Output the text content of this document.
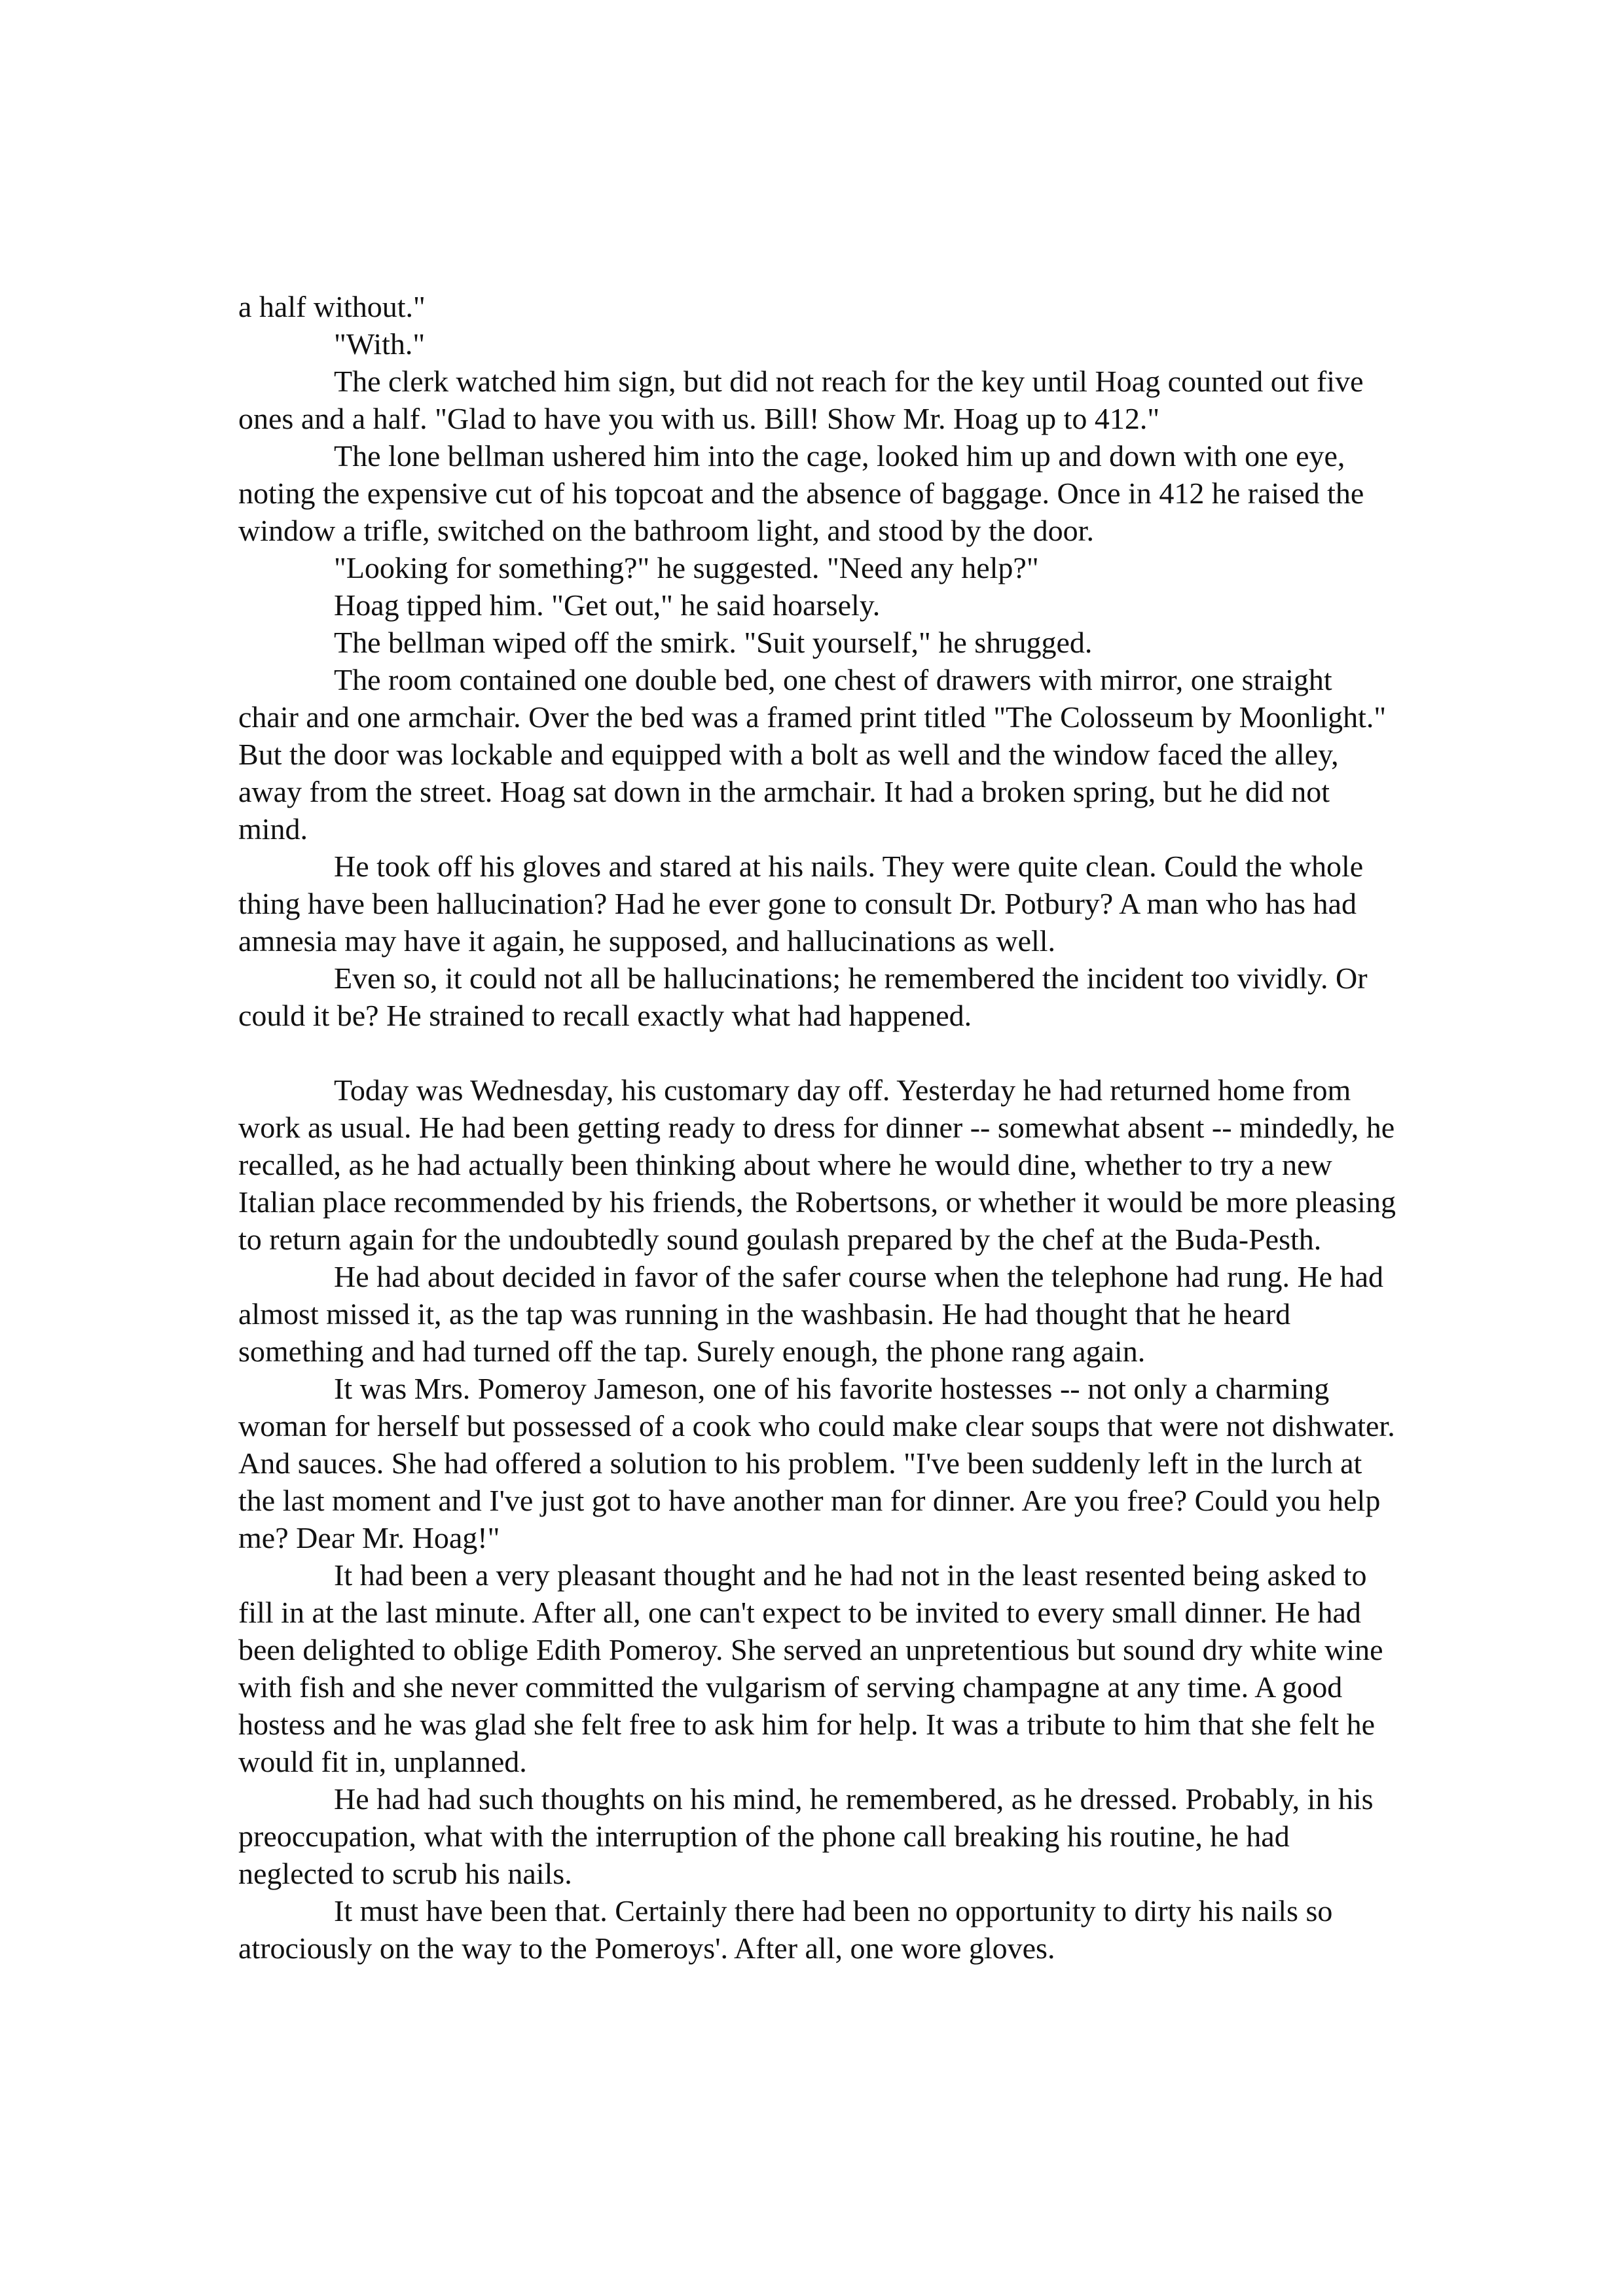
a half without."

"With."

The clerk watched him sign, but did not reach for the key until Hoag counted out five ones and a half. "Glad to have you with us. Bill! Show Mr. Hoag up to 412."

The lone bellman ushered him into the cage, looked him up and down with one eye, noting the expensive cut of his topcoat and the absence of baggage. Once in 412 he raised the window a trifle, switched on the bathroom light, and stood by the door.

"Looking for something?" he suggested. "Need any help?"

Hoag tipped him. "Get out," he said hoarsely.

The bellman wiped off the smirk. "Suit yourself," he shrugged.

The room contained one double bed, one chest of drawers with mirror, one straight chair and one armchair. Over the bed was a framed print titled "The Colosseum by Moonlight." But the door was lockable and equipped with a bolt as well and the window faced the alley, away from the street. Hoag sat down in the armchair. It had a broken spring, but he did not mind.

He took off his gloves and stared at his nails. They were quite clean. Could the whole thing have been hallucination? Had he ever gone to consult Dr. Potbury? A man who has had amnesia may have it again, he supposed, and hallucinations as well.

Even so, it could not all be hallucinations; he remembered the incident too vividly. Or could it be? He strained to recall exactly what had happened.

Today was Wednesday, his customary day off. Yesterday he had returned home from work as usual. He had been getting ready to dress for dinner -- somewhat absent -- mindedly, he recalled, as he had actually been thinking about where he would dine, whether to try a new Italian place recommended by his friends, the Robertsons, or whether it would be more pleasing to return again for the undoubtedly sound goulash prepared by the chef at the Buda-Pesth.

He had about decided in favor of the safer course when the telephone had rung. He had almost missed it, as the tap was running in the washbasin. He had thought that he heard something and had turned off the tap. Surely enough, the phone rang again.

It was Mrs. Pomeroy Jameson, one of his favorite hostesses -- not only a charming woman for herself but possessed of a cook who could make clear soups that were not dishwater. And sauces. She had offered a solution to his problem. "I've been suddenly left in the lurch at the last moment and I've just got to have another man for dinner. Are you free? Could you help me? Dear Mr. Hoag!"

It had been a very pleasant thought and he had not in the least resented being asked to fill in at the last minute. After all, one can't expect to be invited to every small dinner. He had been delighted to oblige Edith Pomeroy. She served an unpretentious but sound dry white wine with fish and she never committed the vulgarism of serving champagne at any time. A good hostess and he was glad she felt free to ask him for help. It was a tribute to him that she felt he would fit in, unplanned.

He had had such thoughts on his mind, he remembered, as he dressed. Probably, in his preoccupation, what with the interruption of the phone call breaking his routine, he had neglected to scrub his nails.

It must have been that. Certainly there had been no opportunity to dirty his nails so atrociously on the way to the Pomeroys'. After all, one wore gloves.
